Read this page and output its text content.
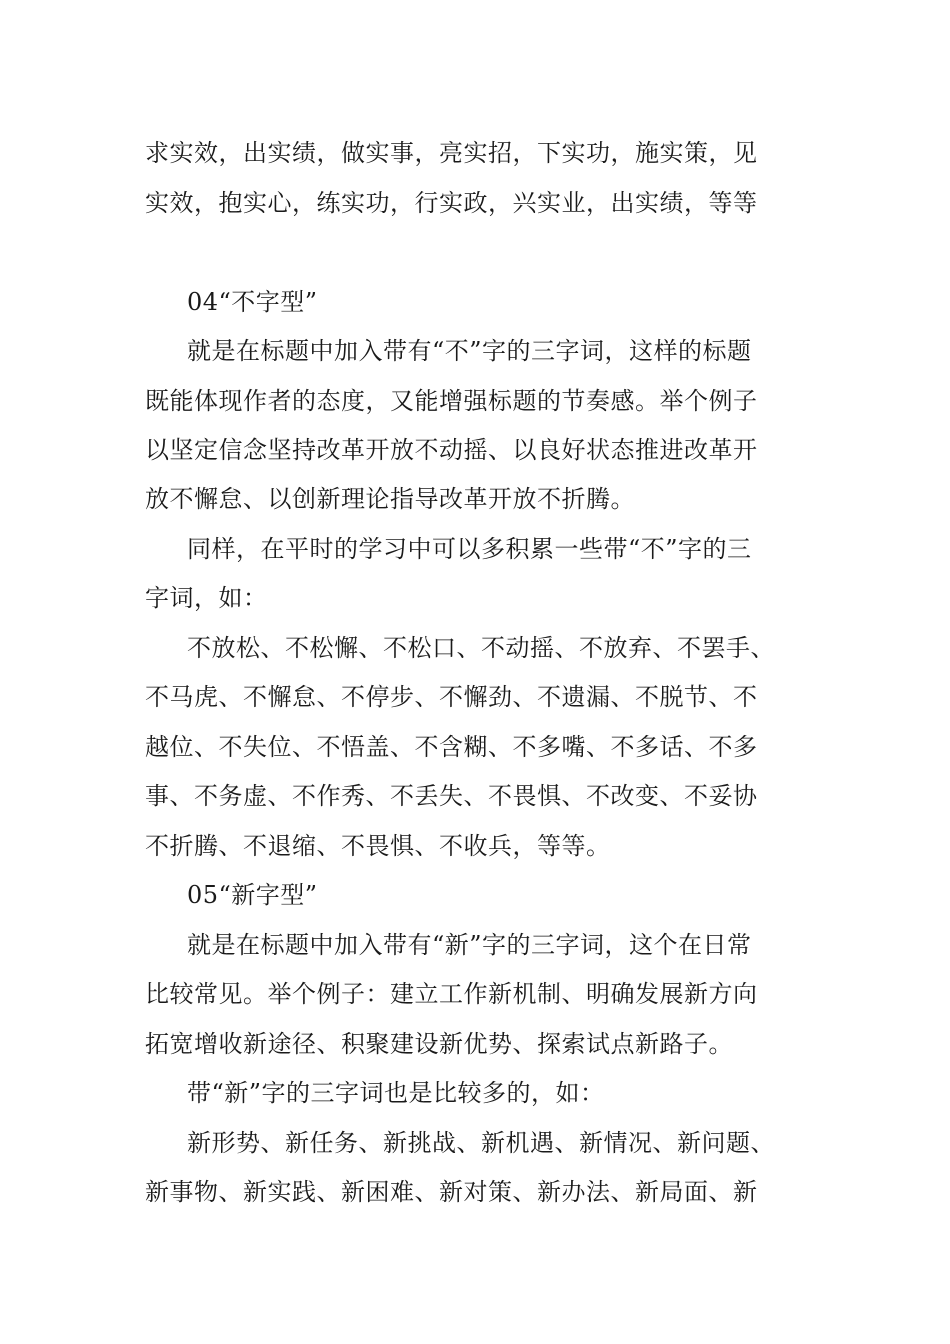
求实效，出实绩，做实事，亮实招，下实功，施实策，见
实效，抱实心，练实功，行实政，兴实业，出实绩，等等
04“不字型”
就是在标题中加入带有“不”字的三字词，这样的标题
既能体现作者的态度，又能增强标题的节奏感。举个例子
以坚定信念坚持改革开放不动摇、以良好状态推进改革开
放不懈怠、以创新理论指导改革开放不折腾。
同样，在平时的学习中可以多积累一些带“不”字的三
字词，如：
不放松、不松懈、不松口、不动摇、不放弃、不罢手、
不马虎、不懈怠、不停步、不懈劲、不遗漏、不脱节、不
越位、不失位、不悟盖、不含糊、不多嘴、不多话、不多
事、不务虚、不作秀、不丢失、不畏惧、不改变、不妥协
不折腾、不退缩、不畏惧、不收兵，等等。
05“新字型”
就是在标题中加入带有“新”字的三字词，这个在日常
比较常见。举个例子：建立工作新机制、明确发展新方向
拓宽增收新途径、积聚建设新优势、探索试点新路子。
带“新”字的三字词也是比较多的，如：
新形势、新任务、新挑战、新机遇、新情况、新问题、
新事物、新实践、新困难、新对策、新办法、新局面、新
